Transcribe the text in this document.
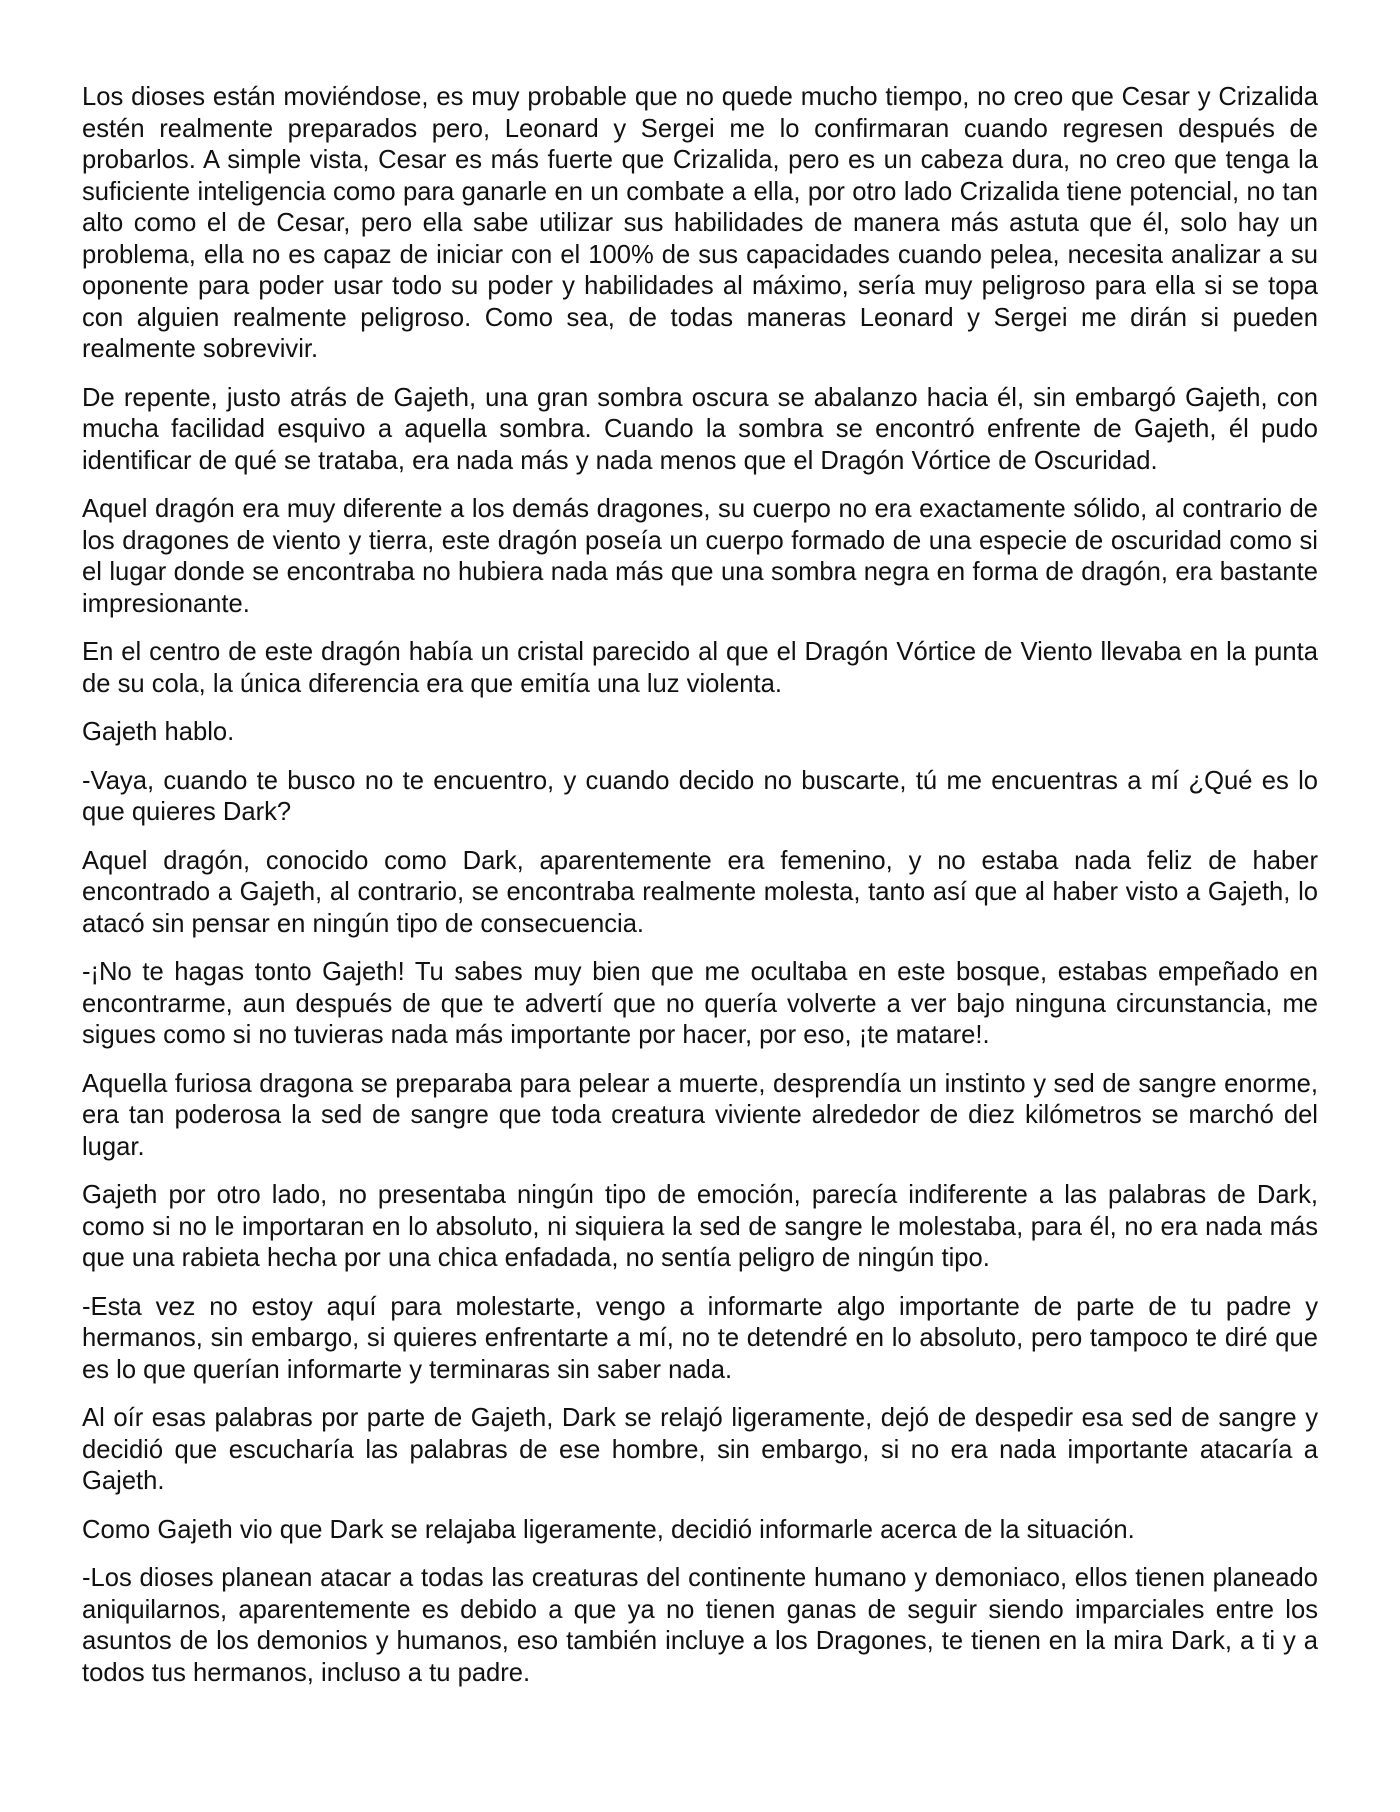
Los dioses están moviéndose, es muy probable que no quede mucho tiempo, no creo que Cesar y Crizalida estén realmente preparados pero, Leonard y Sergei me lo confirmaran cuando regresen después de probarlos. A simple vista, Cesar es más fuerte que Crizalida, pero es un cabeza dura, no creo que tenga la suficiente inteligencia como para ganarle en un combate a ella, por otro lado Crizalida tiene potencial, no tan alto como el de Cesar, pero ella sabe utilizar sus habilidades de manera más astuta que él, solo hay un problema, ella no es capaz de iniciar con el 100% de sus capacidades cuando pelea, necesita analizar a su oponente para poder usar todo su poder y habilidades al máximo, sería muy peligroso para ella si se topa con alguien realmente peligroso. Como sea, de todas maneras Leonard y Sergei me dirán si pueden realmente sobrevivir.

De repente, justo atrás de Gajeth, una gran sombra oscura se abalanzo hacia él, sin embargó Gajeth, con mucha facilidad esquivo a aquella sombra. Cuando la sombra se encontró enfrente de Gajeth, él pudo identificar de qué se trataba, era nada más y nada menos que el Dragón Vórtice de Oscuridad.

Aquel dragón era muy diferente a los demás dragones, su cuerpo no era exactamente sólido, al contrario de los dragones de viento y tierra, este dragón poseía un cuerpo formado de una especie de oscuridad como si el lugar donde se encontraba no hubiera nada más que una sombra negra en forma de dragón, era bastante impresionante.

En el centro de este dragón había un cristal parecido al que el Dragón Vórtice de Viento llevaba en la punta de su cola, la única diferencia era que emitía una luz violenta.

Gajeth hablo.

-Vaya, cuando te busco no te encuentro, y cuando decido no buscarte, tú me encuentras a mí ¿Qué es lo que quieres Dark?

Aquel dragón, conocido como Dark, aparentemente era femenino, y no estaba nada feliz de haber encontrado a Gajeth, al contrario, se encontraba realmente molesta, tanto así que al haber visto a Gajeth, lo atacó sin pensar en ningún tipo de consecuencia.

-¡No te hagas tonto Gajeth! Tu sabes muy bien que me ocultaba en este bosque, estabas empeñado en encontrarme, aun después de que te advertí que no quería volverte a ver bajo ninguna circunstancia, me sigues como si no tuvieras nada más importante por hacer, por eso, ¡te matare!.

Aquella furiosa dragona se preparaba para pelear a muerte, desprendía un instinto y sed de sangre enorme, era tan poderosa la sed de sangre que toda creatura viviente alrededor de diez kilómetros se marchó del lugar.

Gajeth por otro lado, no presentaba ningún tipo de emoción, parecía indiferente a las palabras de Dark, como si no le importaran en lo absoluto, ni siquiera la sed de sangre le molestaba, para él, no era nada más que una rabieta hecha por una chica enfadada, no sentía peligro de ningún tipo.

-Esta vez no estoy aquí para molestarte, vengo a informarte algo importante de parte de tu padre y hermanos, sin embargo, si quieres enfrentarte a mí, no te detendré en lo absoluto, pero tampoco te diré que es lo que querían informarte y terminaras sin saber nada.

Al oír esas palabras por parte de Gajeth, Dark se relajó ligeramente, dejó de despedir esa sed de sangre y decidió que escucharía las palabras de ese hombre, sin embargo, si no era nada importante atacaría a Gajeth.

Como Gajeth vio que Dark se relajaba ligeramente, decidió informarle acerca de la situación.

-Los dioses planean atacar a todas las creaturas del continente humano y demoniaco, ellos tienen planeado aniquilarnos, aparentemente es debido a que ya no tienen ganas de seguir siendo imparciales entre los asuntos de los demonios y humanos, eso también incluye a los Dragones, te tienen en la mira Dark, a ti y a todos tus hermanos, incluso a tu padre.
